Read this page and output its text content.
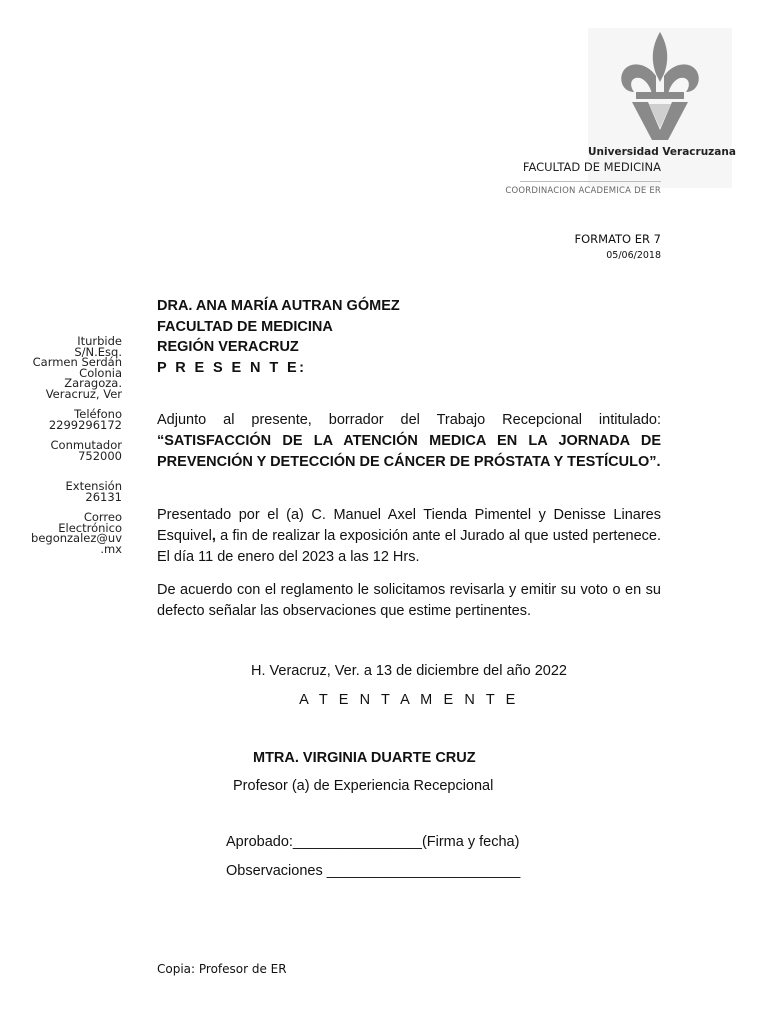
Universidad Veracruzana
FACULTAD DE MEDICINA
COORDINACION ACADEMICA DE ER
FORMATO ER 7
05/06/2018
Iturbide
S/N.Esq.
Carmen Serdán
Colonia
Zaragoza.
Veracruz, Ver
Teléfono
2299296172
Conmutador
752000
Extensión
26131
Correo
Electrónico
begonzalez@uv
.mx
DRA. ANA MARÍA AUTRAN GÓMEZ
FACULTAD DE MEDICINA
REGIÓN VERACRUZ
P R E S E N T E:
Adjunto al presente, borrador del Trabajo Recepcional intitulado: “SATISFACCIÓN DE LA ATENCIÓN MEDICA EN LA JORNADA DE PREVENCIÓN Y DETECCIÓN DE CÁNCER DE PRÓSTATA Y TESTÍCULO”.
Presentado por el (a) C. Manuel Axel Tienda Pimentel y Denisse Linares Esquivel, a fin de realizar la exposición ante el Jurado al que usted pertenece. El día 11 de enero del 2023 a las 12 Hrs.
De acuerdo con el reglamento le solicitamos revisarla y emitir su voto o en su defecto señalar las observaciones que estime pertinentes.
H. Veracruz, Ver. a 13 de diciembre del año 2022
A T E N T A M E N T E
MTRA. VIRGINIA DUARTE CRUZ
Profesor (a) de Experiencia Recepcional
Aprobado:________________(Firma y fecha)
Observaciones ________________________
Copia: Profesor de ER
